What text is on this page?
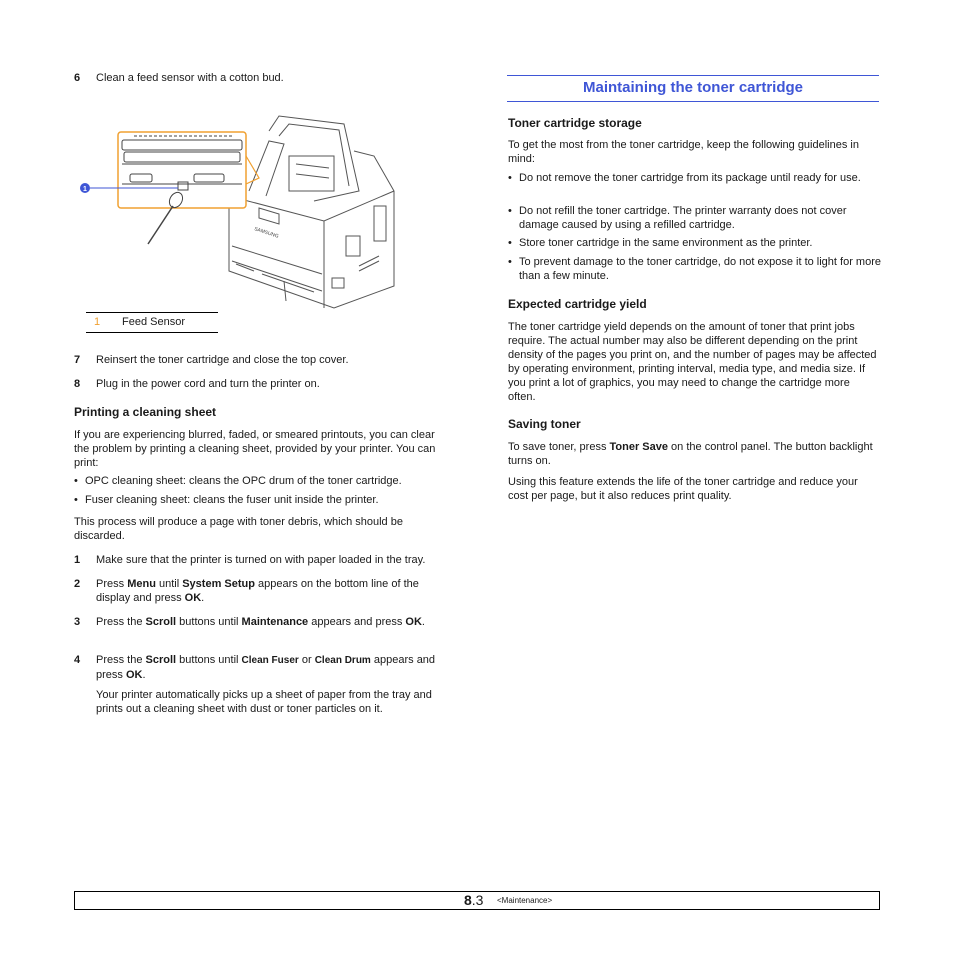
6 Clean a feed sensor with a cotton bud.
SAMSUNG
1
1 Feed Sensor
7 Reinsert the toner cartridge and close the top cover.
8 Plug in the power cord and turn the printer on.
Printing a cleaning sheet

If you are experiencing blurred, faded, or smeared printouts, you can clear the problem by printing a cleaning sheet, provided by your printer. You can print:

• OPC cleaning sheet: cleans the OPC drum of the toner cartridge.
• Fuser cleaning sheet: cleans the fuser unit inside the printer.

This process will produce a page with toner debris, which should be discarded.

1 Make sure that the printer is turned on with paper loaded in the tray.
2 Press Menu until System Setup appears on the bottom line of the display and press OK.
3 Press the Scroll buttons until Maintenance appears and press OK.
4 Press the Scroll buttons until Clean Fuser or Clean Drum appears and press OK.

Your printer automatically picks up a sheet of paper from the tray and prints out a cleaning sheet with dust or toner particles on it.

Maintaining the toner cartridge
Toner cartridge storage

To get the most from the toner cartridge, keep the following guidelines in mind:

• Do not remove the toner cartridge from its package until ready for use.
• Do not refill the toner cartridge. The printer warranty does not cover damage caused by using a refilled cartridge.
• Store toner cartridge in the same environment as the printer.
• To prevent damage to the toner cartridge, do not expose it to light for more than a few minute.
Expected cartridge yield

The toner cartridge yield depends on the amount of toner that print jobs require. The actual number may also be different depending on the print density of the pages you print on, and the number of pages may be affected by operating environment, printing interval, media type, and media size. If you print a lot of graphics, you may need to change the cartridge more often.

Saving toner

To save toner, press Toner Save on the control panel. The button backlight turns on.

Using this feature extends the life of the toner cartridge and reduce your cost per page, but it also reduces print quality.

8.3 <Maintenance>
